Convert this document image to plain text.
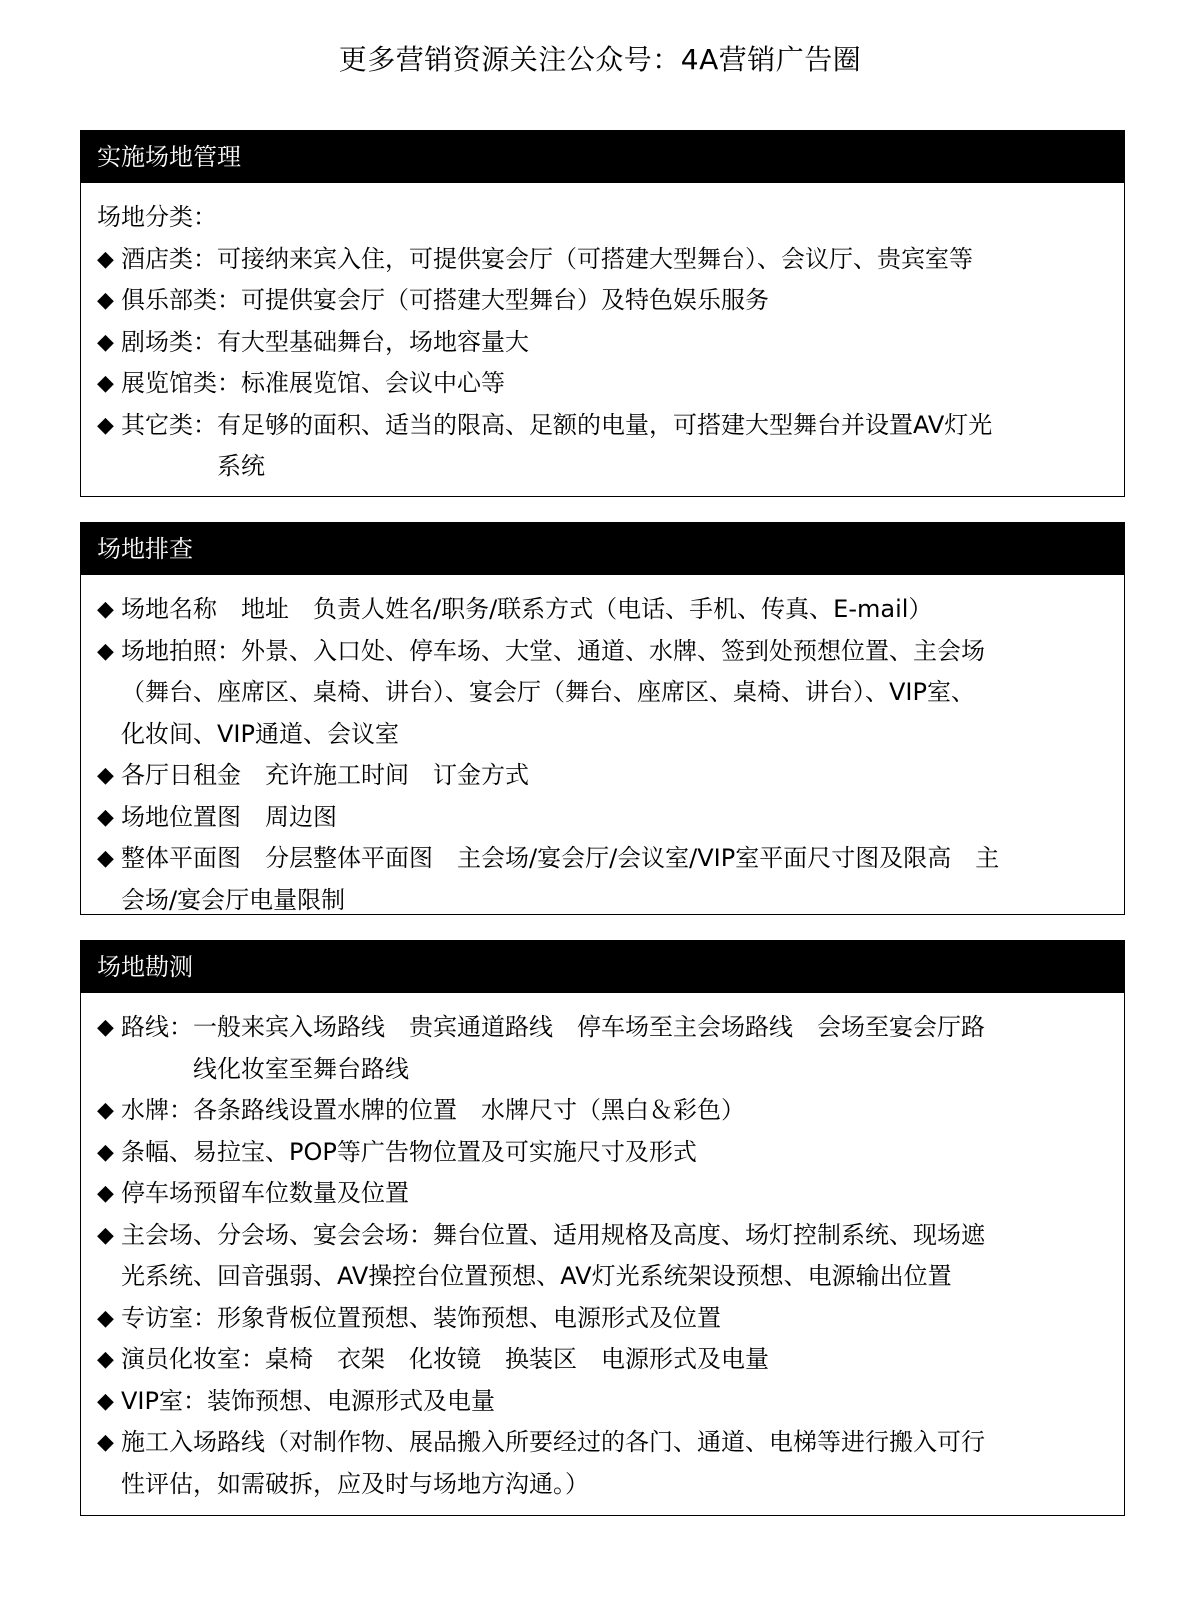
更多营销资源关注公众号：4A营销广告圈
实施场地管理
场地分类：
◆ 酒店类： 可接纳来宾入住，可提供宴会厅（可搭建大型舞台）、会议厅、贵宾室等
◆ 俱乐部类： 可提供宴会厅（可搭建大型舞台）及特色娱乐服务
◆ 剧场类： 有大型基础舞台，场地容量大
◆ 展览馆类： 标准展览馆、会议中心等
◆ 其它类： 有足够的面积、适当的限高、足额的电量，可搭建大型舞台并设置AV灯光
系统
场地排查
◆ 场地名称　地址　负责人姓名/职务/联系方式（电话、手机、传真、E-mail）
◆ 场地拍照：外景、入口处、停车场、大堂、通道、水牌、签到处预想位置、主会场
（舞台、座席区、桌椅、讲台）、宴会厅（舞台、座席区、桌椅、讲台）、VIP室、
化妆间、VIP通道、会议室
◆ 各厅日租金　充许施工时间　订金方式
◆ 场地位置图　周边图
◆ 整体平面图　分层整体平面图　主会场/宴会厅/会议室/VIP室平面尺寸图及限高　主
会场/宴会厅电量限制
场地勘测
◆ 路线： 一般来宾入场路线　贵宾通道路线　停车场至主会场路线　会场至宴会厅路
线化妆室至舞台路线
◆ 水牌： 各条路线设置水牌的位置　水牌尺寸（黑白＆彩色）
◆ 条幅、易拉宝、POP等广告物位置及可实施尺寸及形式
◆ 停车场预留车位数量及位置
◆ 主会场、分会场、宴会会场：舞台位置、适用规格及高度、场灯控制系统、现场遮
光系统、回音强弱、AV操控台位置预想、AV灯光系统架设预想、电源输出位置
◆ 专访室：形象背板位置预想、装饰预想、电源形式及位置
◆ 演员化妆室：桌椅　衣架　化妆镜　换装区　电源形式及电量
◆ VIP室：装饰预想、电源形式及电量
◆ 施工入场路线（对制作物、展品搬入所要经过的各门、通道、电梯等进行搬入可行
性评估，如需破拆，应及时与场地方沟通。）
